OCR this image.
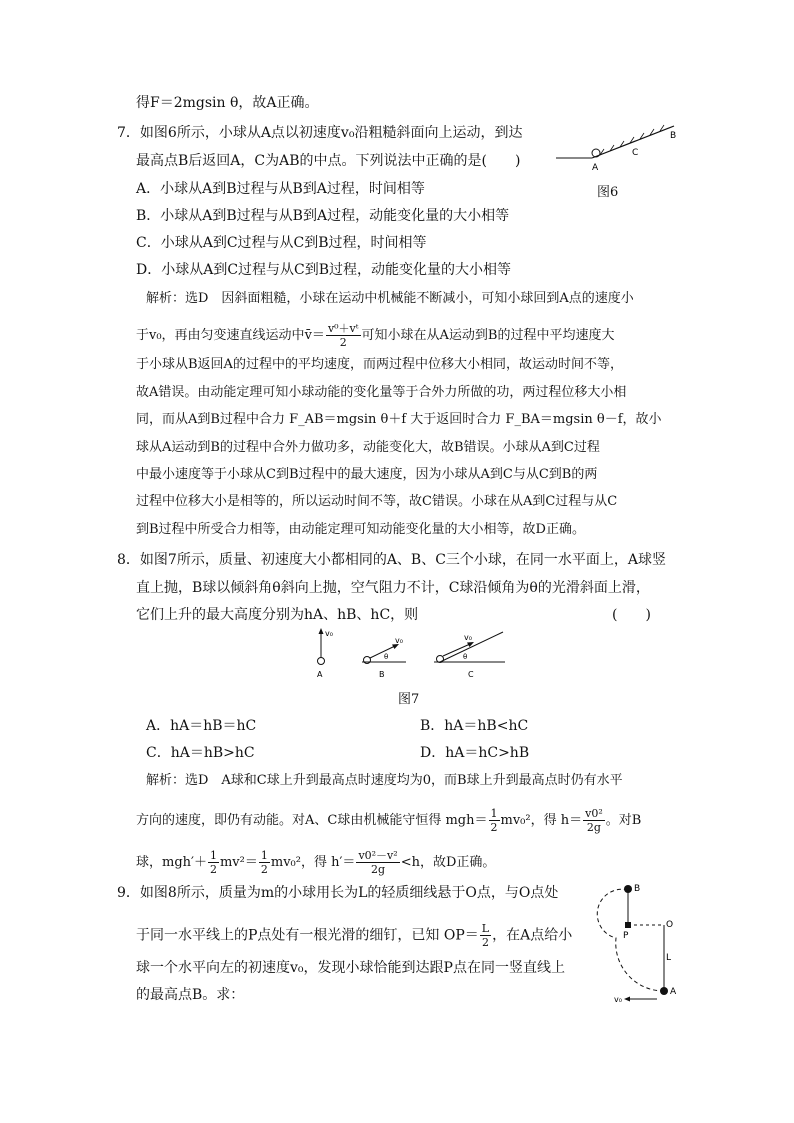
得F＝2mgsin θ，故A正确。
7．如图6所示，小球从A点以初速度v₀沿粗糙斜面向上运动，到达
最高点B后返回A，C为AB的中点。下列说法中正确的是(　　)	A
C
B
图6
A．小球从A到B过程与从B到A过程，时间相等
B．小球从A到B过程与从B到A过程，动能变化量的大小相等
C．小球从A到C过程与从C到B过程，时间相等
D．小球从A到C过程与从C到B过程，动能变化量的大小相等
解析：选D　因斜面粗糙，小球在运动中机械能不断减小，可知小球回到A点的速度小
于v₀，再由匀变速直线运动中v̄＝ $\frac{\text{v⁰＋vᵗ}}{2}$ 可知小球在从A运动到B的过程中平均速度大
于小球从B返回A的过程中的平均速度，而两过程中位移大小相同，故运动时间不等，
故A错误。由动能定理可知小球动能的变化量等于合外力所做的功，两过程位移大小相
同，而从A到B过程中合力 F_AB＝mgsin θ＋f 大于返回时合力 F_BA＝mgsin θ－f，故小
球从A运动到B的过程中合外力做功多，动能变化大，故B错误。小球从A到C过程
中最小速度等于小球从C到B过程中的最大速度，因为小球从A到C与从C到B的两
过程中位移大小是相等的，所以运动时间不等，故C错误。小球在从A到C过程与从C
到B过程中所受合力相等，由动能定理可知动能变化量的大小相等，故D正确。
8．如图7所示，质量、初速度大小都相同的A、B、C三个小球，在同一水平面上，A球竖
直上抛，B球以倾斜角θ斜向上抛，空气阻力不计，C球沿倾角为θ的光滑斜面上滑，
它们上升的最大高度分别为hA、hB、hC，则	(　　)
v₀
A
v₀
θ
B
v₀
θ
C
图7
A．hA＝hB＝hC	B．hA＝hB<hC
C．hA＝hB>hC	D．hA＝hC>hB
解析：选D　A球和C球上升到最高点时速度均为0，而B球上升到最高点时仍有水平
方向的速度，即仍有动能。对A、C球由机械能守恒得 $mgh= \frac{1}{2} mv_0^2$，得 $h= \frac{\text{v0²}}{2g}$ 。对B
球，$mgh'+ \frac{1}{2} mv^2= \frac{1}{2} mv_0^2$，得 $h'= \frac{\text{v0²－v²}}{2g} <h$，故D正确。
9．如图8所示，质量为m的小球用长为L的轻质细线悬于O点，与O点处
于同一水平线上的P点处有一根光滑的细钉，已知 $OP= \frac{L}{2}$ ，在A点给小
球一个水平向左的初速度v₀，发现小球恰能到达跟P点在同一竖直线上
的最高点B。求：
B
P
O
L
A
v₀
